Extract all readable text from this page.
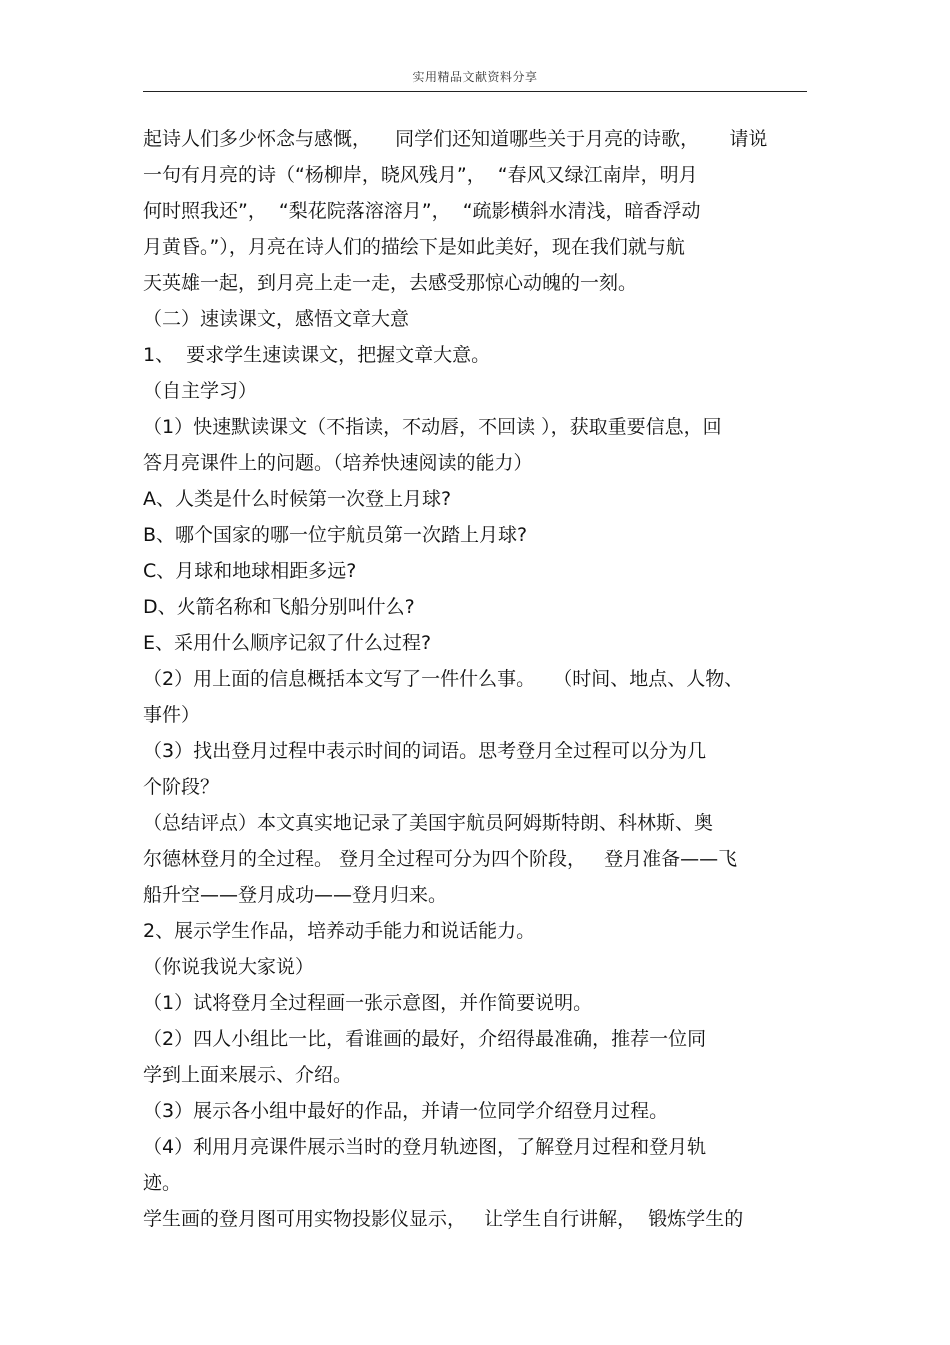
实用精品文献资料分享
起诗人们多少怀念与感慨，    同学们还知道哪些关于月亮的诗歌，     请说
一句有月亮的诗（“杨柳岸，晓风残月”，  “春风又绿江南岸，明月
何时照我还”，  “梨花院落溶溶月”，  “疏影横斜水清浅，暗香浮动
月黄昏。”），月亮在诗人们的描绘下是如此美好，现在我们就与航
天英雄一起，到月亮上走一走，去感受那惊心动魄的一刻。
（二）速读课文，感悟文章大意
1、  要求学生速读课文，把握文章大意。
（自主学习）
（1）快速默读课文（不指读，不动唇，不回读 ），获取重要信息，回
答月亮课件上的问题。（培养快速阅读的能力）
A、人类是什么时候第一次登上月球?
B、哪个国家的哪一位宇航员第一次踏上月球?
C、月球和地球相距多远?
D、火箭名称和飞船分别叫什么?
E、采用什么顺序记叙了什么过程?
（2）用上面的信息概括本文写了一件什么事。   （时间、地点、人物、
事件）
（3）找出登月过程中表示时间的词语。思考登月全过程可以分为几
个阶段？
（总结评点）本文真实地记录了美国宇航员阿姆斯特朗、科林斯、奥
尔德林登月的全过程。 登月全过程可分为四个阶段，   登月准备——飞
船升空——登月成功——登月归来。
2、展示学生作品，培养动手能力和说话能力。
（你说我说大家说）
（1）试将登月全过程画一张示意图，并作简要说明。
（2）四人小组比一比，看谁画的最好，介绍得最准确，推荐一位同
学到上面来展示、介绍。
（3）展示各小组中最好的作品，并请一位同学介绍登月过程。
（4）利用月亮课件展示当时的登月轨迹图，了解登月过程和登月轨
迹。
学生画的登月图可用实物投影仪显示，   让学生自行讲解，  锻炼学生的
